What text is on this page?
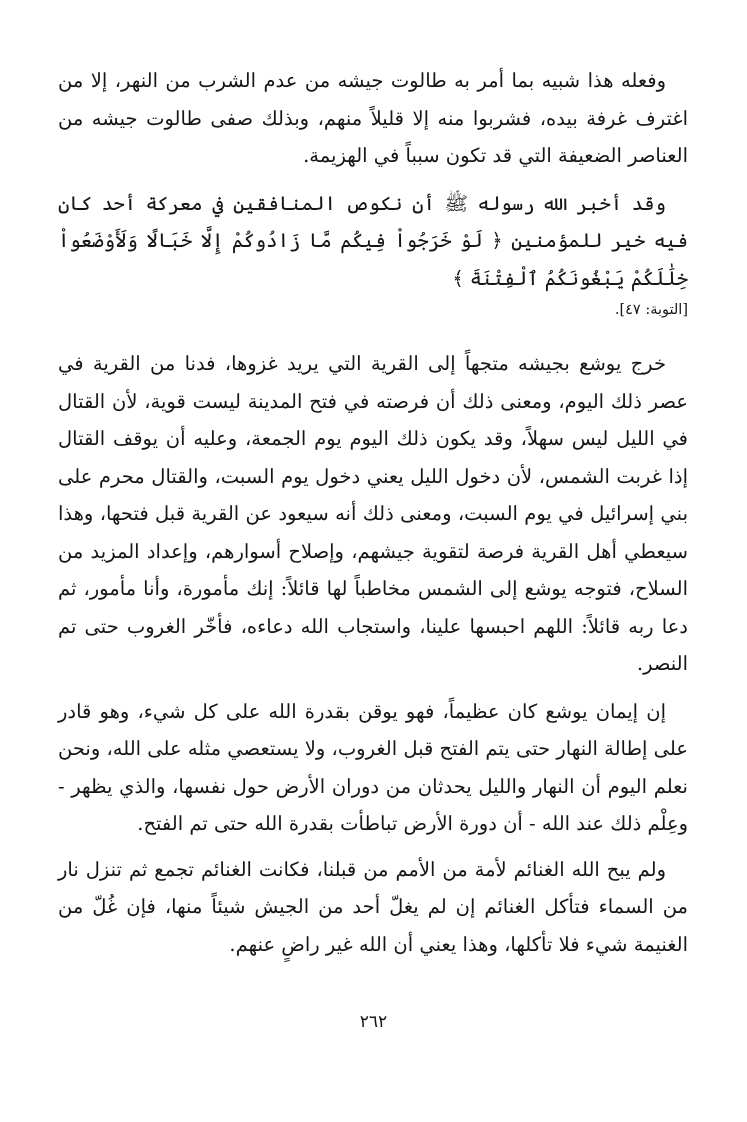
وفعله هذا شبيه بما أمر به طالوت جيشه من عدم الشرب من النهر، إلا من اغترف غرفة بيده، فشربوا منه إلا قليلاً منهم، وبذلك صفى طالوت جيشه من العناصر الضعيفة التي قد تكون سبباً في الهزيمة.

وقد أخبر الله رسوله ﷺ أن نكوص المنافقين في معركة أحد كان فيه خير للمؤمنين ﴿ لَوْ خَرَجُواْ فِيكُم مَّا زَادُوكُمْ إِلَّا خَبَالًا وَلَأَوْضَعُواْ خِلَٰلَكُمْ يَبْغُونَكُمُ ٱلْفِتْنَةَ ﴾

[التوبة: ٤٧].

خرج يوشع بجيشه متجهاً إلى القرية التي يريد غزوها، فدنا من القرية في عصر ذلك اليوم، ومعنى ذلك أن فرصته في فتح المدينة ليست قوية، لأن القتال في الليل ليس سهلاً، وقد يكون ذلك اليوم يوم الجمعة، وعليه أن يوقف القتال إذا غربت الشمس، لأن دخول الليل يعني دخول يوم السبت، والقتال محرم على بني إسرائيل في يوم السبت، ومعنى ذلك أنه سيعود عن القرية قبل فتحها، وهذا سيعطي أهل القرية فرصة لتقوية جيشهم، وإصلاح أسوارهم، وإعداد المزيد من السلاح، فتوجه يوشع إلى الشمس مخاطباً لها قائلاً: إنك مأمورة، وأنا مأمور، ثم دعا ربه قائلاً: اللهم احبسها علينا، واستجاب الله دعاءه، فأخّر الغروب حتى تم النصر.

إن إيمان يوشع كان عظيماً، فهو يوقن بقدرة الله على كل شيء، وهو قادر على إطالة النهار حتى يتم الفتح قبل الغروب، ولا يستعصي مثله على الله، ونحن نعلم اليوم أن النهار والليل يحدثان من دوران الأرض حول نفسها، والذي يظهر - وعِلْم ذلك عند الله - أن دورة الأرض تباطأت بقدرة الله حتى تم الفتح.

ولم يبح الله الغنائم لأمة من الأمم من قبلنا، فكانت الغنائم تجمع ثم تنزل نار من السماء فتأكل الغنائم إن لم يغلّ أحد من الجيش شيئاً منها، فإن غُلّ من الغنيمة شيء فلا تأكلها، وهذا يعني أن الله غير راضٍ عنهم.

٢٦٢
